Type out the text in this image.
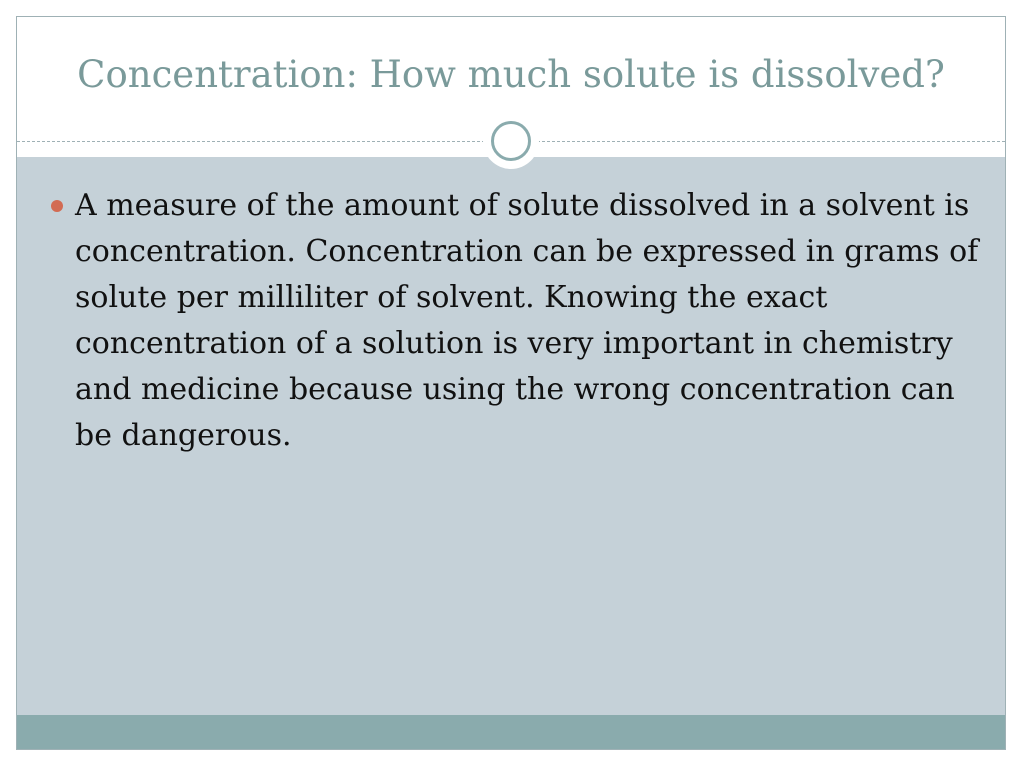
Concentration: How much solute is dissolved?
A measure of the amount of solute dissolved in a solvent is concentration. Concentration can be expressed in grams of solute per milliliter of solvent. Knowing the exact concentration of a solution is very important in chemistry and medicine because using the wrong concentration can be dangerous.
